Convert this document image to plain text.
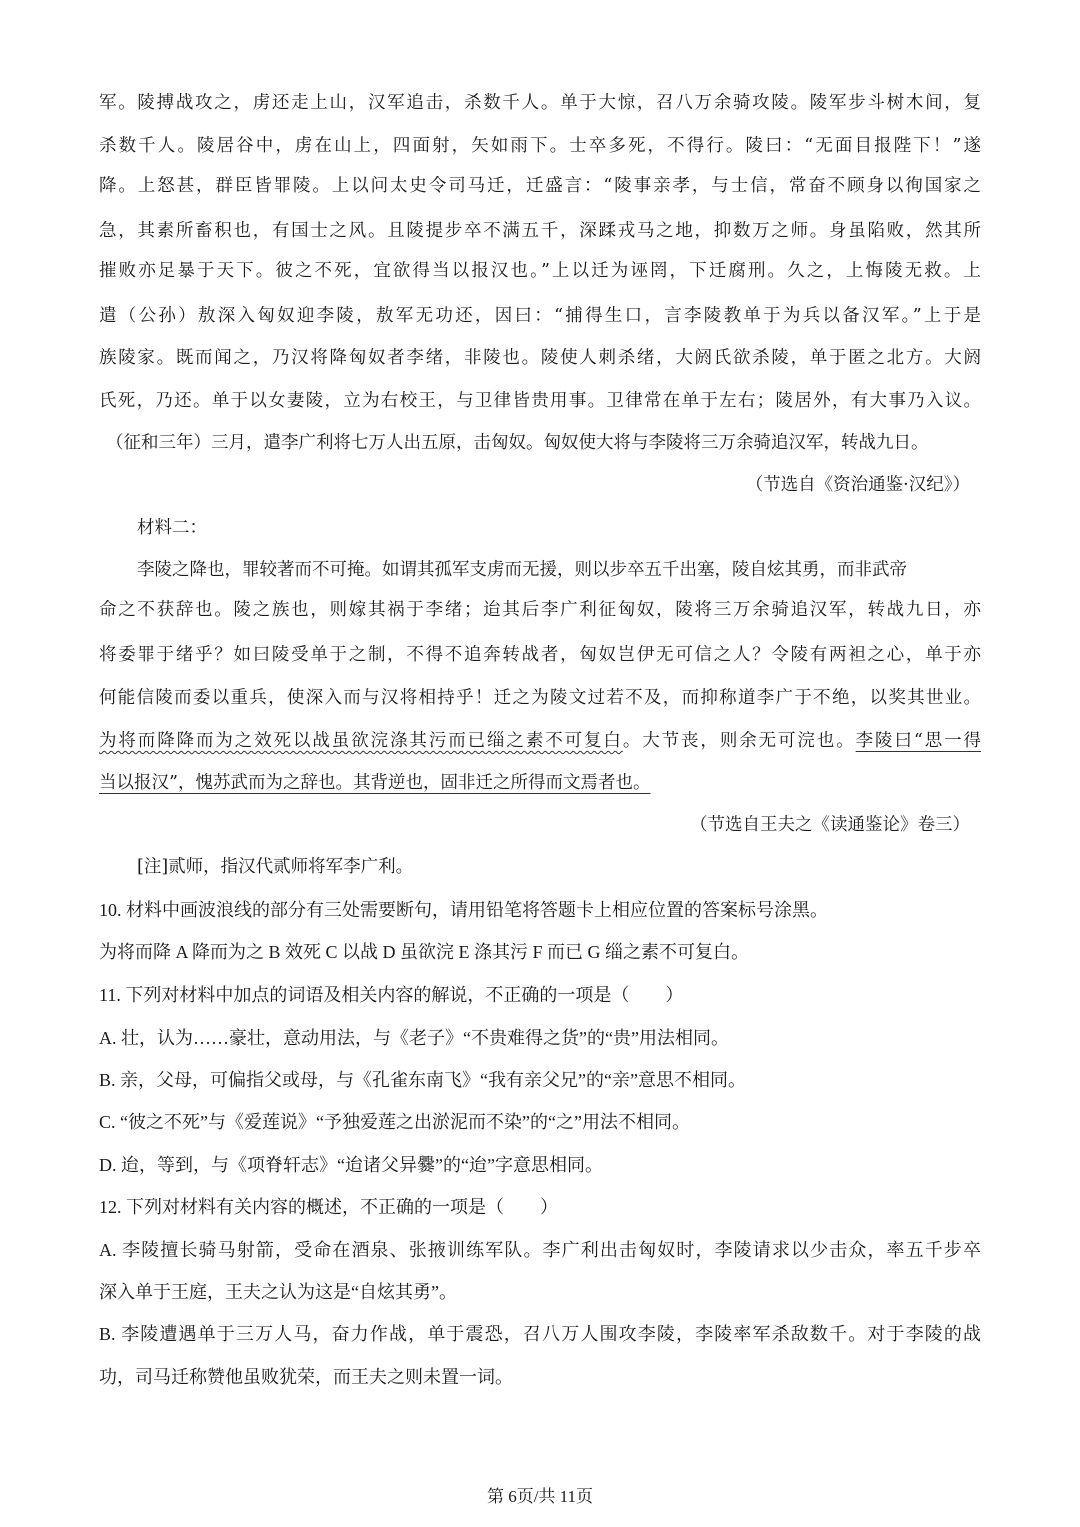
军。陵搏战攻之，虏还走上山，汉军追击，杀数千人。单于大惊，召八万余骑攻陵。陵军步斗树木间，复
杀数千人。陵居谷中，虏在山上，四面射，矢如雨下。士卒多死，不得行。陵曰：“无面目报陛下！”遂
降。上怒甚，群臣皆罪陵。上以问太史令司马迁，迁盛言：“陵事亲孝，与士信，常奋不顾身以徇国家之
急，其素所畜积也，有国士之风。且陵提步卒不满五千，深蹂戎马之地，抑数万之师。身虽陷败，然其所
摧败亦足暴于天下。彼之不死，宜欲得当以报汉也。”上以迁为诬罔，下迁腐刑。久之，上悔陵无救。上
遣（公孙）敖深入匈奴迎李陵，敖军无功还，因曰：“捕得生口，言李陵教单于为兵以备汉军。”上于是
族陵家。既而闻之，乃汉将降匈奴者李绪，非陵也。陵使人刺杀绪，大阏氏欲杀陵，单于匿之北方。大阏
氏死，乃还。单于以女妻陵，立为右校王，与卫律皆贵用事。卫律常在单于左右；陵居外，有大事乃入议。
（征和三年）三月，遣李广利将七万人出五原，击匈奴。匈奴使大将与李陵将三万余骑追汉军，转战九日。
（节选自《资治通鉴·汉纪》）
材料二：
李陵之降也，罪较著而不可掩。如谓其孤军支虏而无援，则以步卒五千出塞，陵自炫其勇，而非武帝
命之不获辞也。陵之族也，则嫁其祸于李绪；迨其后李广利征匈奴，陵将三万余骑追汉军，转战九日，亦
将委罪于绪乎？如曰陵受单于之制，不得不追奔转战者，匈奴岂伊无可信之人？令陵有两袒之心，单于亦
何能信陵而委以重兵，使深入而与汉将相持乎！迁之为陵文过若不及，而抑称道李广于不绝，以奖其世业。
为将而降降而为之效死以战虽欲浣涤其污而已缁之素不可复白。大节丧，则余无可浣也。李陵曰“思一得
当以报汉”，愧苏武而为之辞也。其背逆也，固非迁之所得而文焉者也。
（节选自王夫之《读通鉴论》卷三）
[注]贰师，指汉代贰师将军李广利。
10. 材料中画波浪线的部分有三处需要断句，请用铅笔将答题卡上相应位置的答案标号涂黑。
为将而降 A 降而为之 B 效死 C 以战 D 虽欲浣 E 涤其污 F 而已 G 缁之素不可复白。
11. 下列对材料中加点的词语及相关内容的解说，不正确的一项是（　　）
A. 壮，认为……豪壮，意动用法，与《老子》“不贵难得之货”的“贵”用法相同。
B. 亲，父母，可偏指父或母，与《孔雀东南飞》“我有亲父兄”的“亲”意思不相同。
C. “彼之不死”与《爱莲说》“予独爱莲之出淤泥而不染”的“之”用法不相同。
D. 迨，等到，与《项脊轩志》“迨诸父异爨”的“迨”字意思相同。
12. 下列对材料有关内容的概述，不正确的一项是（　　）
A. 李陵擅长骑马射箭，受命在酒泉、张掖训练军队。李广利出击匈奴时，李陵请求以少击众，率五千步卒
深入单于王庭，王夫之认为这是“自炫其勇”。
B. 李陵遭遇单于三万人马，奋力作战，单于震恐，召八万人围攻李陵，李陵率军杀敌数千。对于李陵的战
功，司马迁称赞他虽败犹荣，而王夫之则未置一词。
第 6页/共 11页
